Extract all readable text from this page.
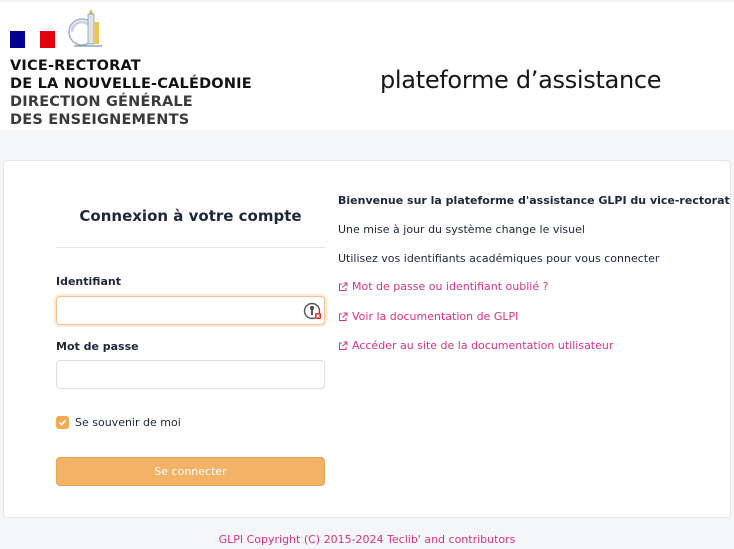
VICE-RECTORAT
DE LA NOUVELLE-CALÉDONIE
DIRECTION GÉNÉRALE
DES ENSEIGNEMENTS
plateforme d’assistance
Connexion à votre compte
Identifiant
Mot de passe
Se souvenir de moi
Se connecter
Bienvenue sur la plateforme d'assistance GLPI du vice-rectorat
Une mise à jour du système change le visuel
Utilisez vos identifiants académiques pour vous connecter
Mot de passe ou identifiant oublié ?
Voir la documentation de GLPI
Accéder au site de la documentation utilisateur
GLPI Copyright (C) 2015-2024 Teclib' and contributors
